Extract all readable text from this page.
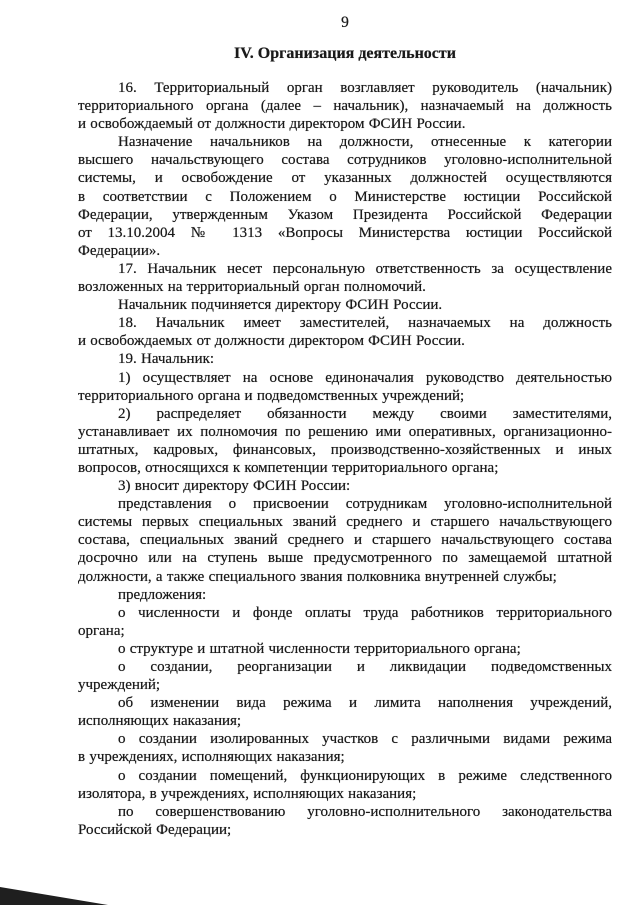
9
IV. Организация деятельности

16. Территориальный орган возглавляет руководитель (начальник)
территориального органа (далее – начальник), назначаемый на должность
и освобождаемый от должности директором ФСИН России.

Назначение начальников на должности, отнесенные к категории
высшего начальствующего состава сотрудников уголовно-исполнительной
системы, и освобождение от указанных должностей осуществляются
в соответствии с Положением о Министерстве юстиции Российской
Федерации, утвержденным Указом Президента Российской Федерации
от 13.10.2004 № 1313 «Вопросы Министерства юстиции Российской
Федерации».

17. Начальник несет персональную ответственность за осуществление
возложенных на территориальный орган полномочий.

Начальник подчиняется директору ФСИН России.

18. Начальник имеет заместителей, назначаемых на должность
и освобождаемых от должности директором ФСИН России.

19. Начальник:

1) осуществляет на основе единоначалия руководство деятельностью
территориального органа и подведомственных учреждений;

2) распределяет обязанности между своими заместителями,
устанавливает их полномочия по решению ими оперативных, организационно-
штатных, кадровых, финансовых, производственно-хозяйственных и иных
вопросов, относящихся к компетенции территориального органа;

3) вносит директору ФСИН России:

представления о присвоении сотрудникам уголовно-исполнительной
системы первых специальных званий среднего и старшего начальствующего
состава, специальных званий среднего и старшего начальствующего состава
досрочно или на ступень выше предусмотренного по замещаемой штатной
должности, а также специального звания полковника внутренней службы;

предложения:

о численности и фонде оплаты труда работников территориального
органа;

о структуре и штатной численности территориального органа;

о создании, реорганизации и ликвидации подведомственных
учреждений;

об изменении вида режима и лимита наполнения учреждений,
исполняющих наказания;

о создании изолированных участков с различными видами режима
в учреждениях, исполняющих наказания;

о создании помещений, функционирующих в режиме следственного
изолятора, в учреждениях, исполняющих наказания;

по совершенствованию уголовно-исполнительного законодательства
Российской Федерации;
